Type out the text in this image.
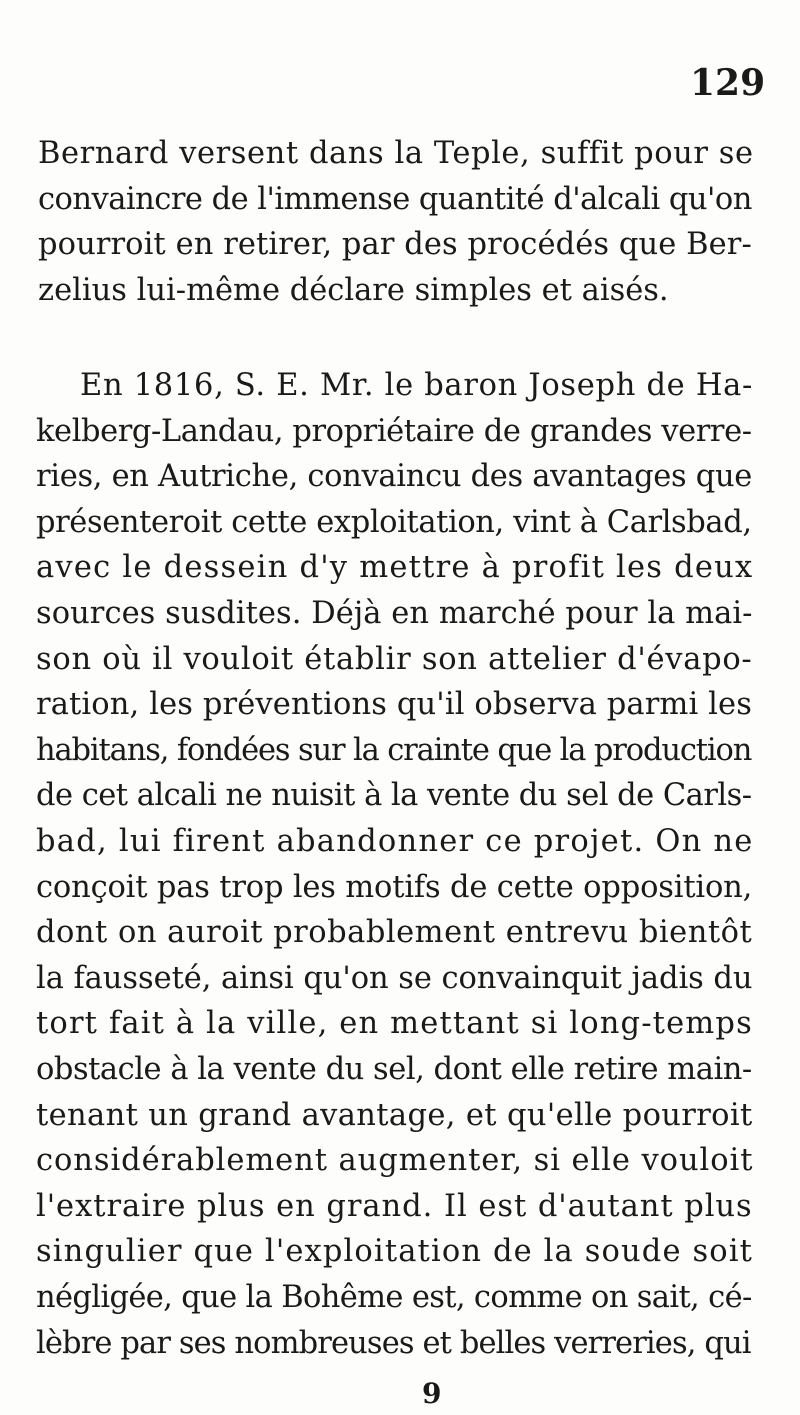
129
Bernard versent dans la Teple, suffit pour se
convaincre de l'immense quantité d'alcali qu'on
pourroit en retirer, par des procédés que Ber-
zelius lui-même déclare simples et aisés.
En 1816, S. E. Mr. le baron Joseph de Ha-
kelberg-Landau, propriétaire de grandes verre-
ries, en Autriche, convaincu des avantages que
présenteroit cette exploitation, vint à Carlsbad,
avec le dessein d'y mettre à profit les deux
sources susdites. Déjà en marché pour la mai-
son où il vouloit établir son attelier d'évapo-
ration, les préventions qu'il observa parmi les
habitans, fondées sur la crainte que la production
de cet alcali ne nuisit à la vente du sel de Carls-
bad, lui firent abandonner ce projet. On ne
conçoit pas trop les motifs de cette opposition,
dont on auroit probablement entrevu bientôt
la fausseté, ainsi qu'on se convainquit jadis du
tort fait à la ville, en mettant si long-temps
obstacle à la vente du sel, dont elle retire main-
tenant un grand avantage, et qu'elle pourroit
considérablement augmenter, si elle vouloit
l'extraire plus en grand. Il est d'autant plus
singulier que l'exploitation de la soude soit
négligée, que la Bohême est, comme on sait, cé-
lèbre par ses nombreuses et belles verreries, qui
9
